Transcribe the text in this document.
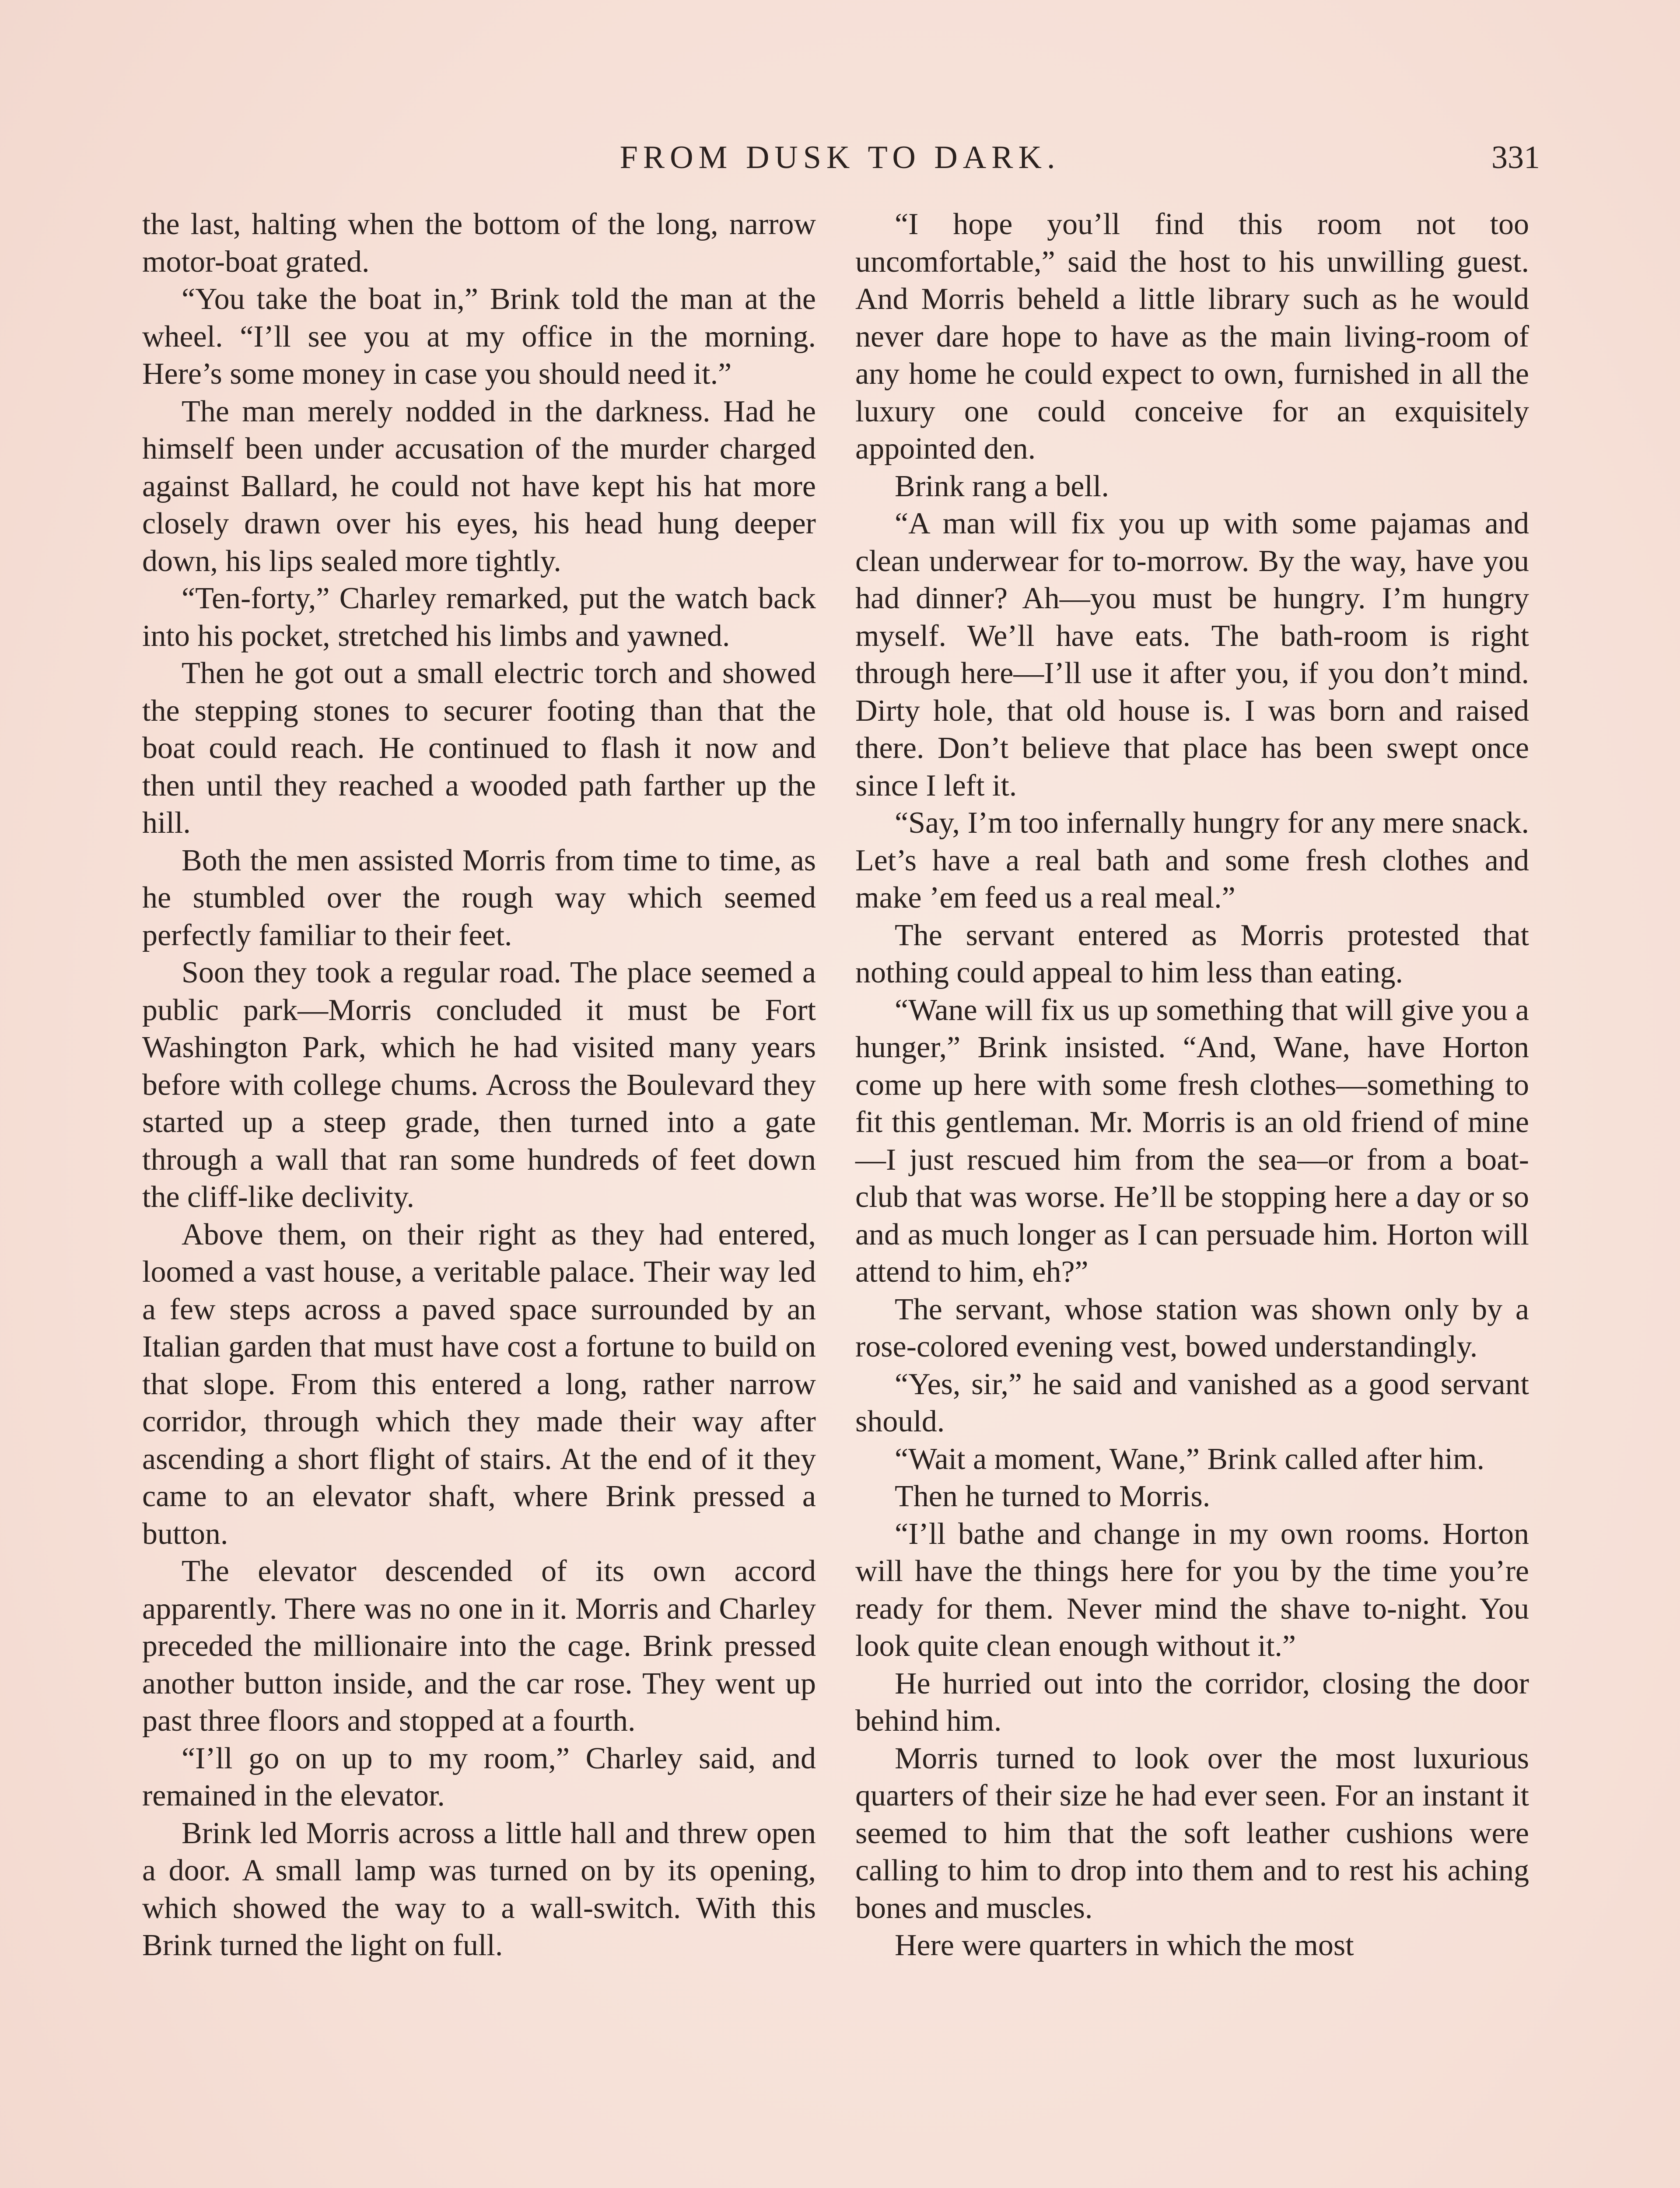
FROM DUSK TO DARK.	331

the last, halting when the bottom of the long, narrow motor-boat grated.

“You take the boat in,” Brink told the man at the wheel. “I’ll see you at my office in the morning. Here’s some money in case you should need it.”

The man merely nodded in the darkness. Had he himself been under accusation of the murder charged against Ballard, he could not have kept his hat more closely drawn over his eyes, his head hung deeper down, his lips sealed more tightly.

“Ten-forty,” Charley remarked, put the watch back into his pocket, stretched his limbs and yawned.

Then he got out a small electric torch and showed the stepping stones to securer footing than that the boat could reach. He continued to flash it now and then until they reached a wooded path farther up the hill.

Both the men assisted Morris from time to time, as he stumbled over the rough way which seemed perfectly familiar to their feet.

Soon they took a regular road. The place seemed a public park—Morris concluded it must be Fort Washington Park, which he had visited many years before with college chums. Across the Boulevard they started up a steep grade, then turned into a gate through a wall that ran some hundreds of feet down the cliff-like declivity.

Above them, on their right as they had entered, loomed a vast house, a veritable palace. Their way led a few steps across a paved space surrounded by an Italian garden that must have cost a fortune to build on that slope. From this entered a long, rather narrow corridor, through which they made their way after ascending a short flight of stairs. At the end of it they came to an elevator shaft, where Brink pressed a button.

The elevator descended of its own accord apparently. There was no one in it. Morris and Charley preceded the millionaire into the cage. Brink pressed another button inside, and the car rose. They went up past three floors and stopped at a fourth.

“I’ll go on up to my room,” Charley said, and remained in the elevator.

Brink led Morris across a little hall and threw open a door. A small lamp was turned on by its opening, which showed the way to a wall-switch. With this Brink turned the light on full.

“I hope you’ll find this room not too uncomfortable,” said the host to his unwilling guest. And Morris beheld a little library such as he would never dare hope to have as the main living-room of any home he could expect to own, furnished in all the luxury one could conceive for an exquisitely appointed den.

Brink rang a bell.

“A man will fix you up with some pajamas and clean underwear for to-morrow. By the way, have you had dinner? Ah—you must be hungry. I’m hungry myself. We’ll have eats. The bath-room is right through here—I’ll use it after you, if you don’t mind. Dirty hole, that old house is. I was born and raised there. Don’t believe that place has been swept once since I left it.

“Say, I’m too infernally hungry for any mere snack. Let’s have a real bath and some fresh clothes and make ’em feed us a real meal.”

The servant entered as Morris protested that nothing could appeal to him less than eating.

“Wane will fix us up something that will give you a hunger,” Brink insisted. “And, Wane, have Horton come up here with some fresh clothes—something to fit this gentleman. Mr. Morris is an old friend of mine —I just rescued him from the sea—or from a boat-club that was worse. He’ll be stopping here a day or so and as much longer as I can persuade him. Horton will attend to him, eh?”

The servant, whose station was shown only by a rose-colored evening vest, bowed understandingly.

“Yes, sir,” he said and vanished as a good servant should.

“Wait a moment, Wane,” Brink called after him.

Then he turned to Morris.

“I’ll bathe and change in my own rooms. Horton will have the things here for you by the time you’re ready for them. Never mind the shave to-night. You look quite clean enough without it.”

He hurried out into the corridor, closing the door behind him.

Morris turned to look over the most luxurious quarters of their size he had ever seen. For an instant it seemed to him that the soft leather cushions were calling to him to drop into them and to rest his aching bones and muscles.

Here were quarters in which the most
